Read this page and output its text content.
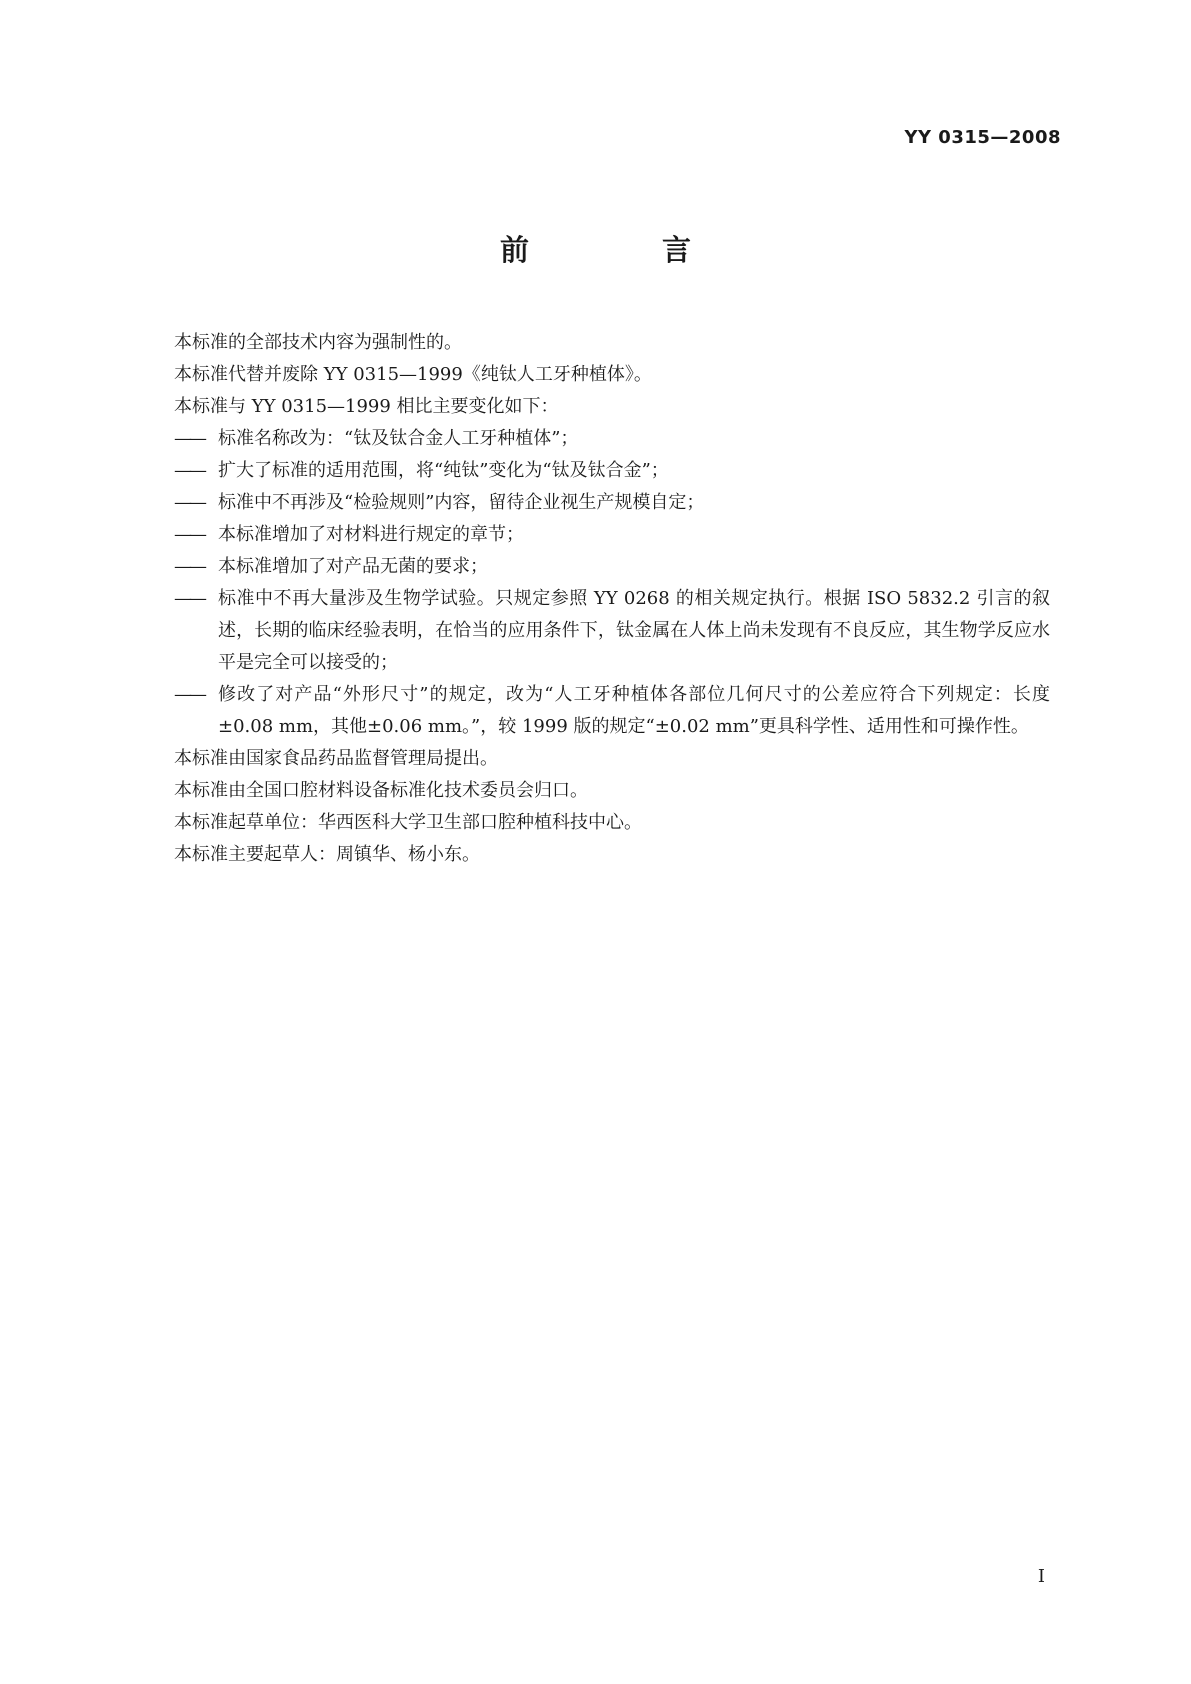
YY 0315—2008

前　言

本标准的全部技术内容为强制性的。

本标准代替并废除 YY 0315—1999《纯钛人工牙种植体》。

本标准与 YY 0315—1999 相比主要变化如下：

—— 标准名称改为：“钛及钛合金人工牙种植体”；

—— 扩大了标准的适用范围，将“纯钛”变化为“钛及钛合金”；

—— 标准中不再涉及“检验规则”内容，留待企业视生产规模自定；

—— 本标准增加了对材料进行规定的章节；

—— 本标准增加了对产品无菌的要求；

—— 标准中不再大量涉及生物学试验。只规定参照 YY 0268 的相关规定执行。根据 ISO 5832.2 引言的叙述，长期的临床经验表明，在恰当的应用条件下，钛金属在人体上尚未发现有不良反应，其生物学反应水平是完全可以接受的；

—— 修改了对产品“外形尺寸”的规定，改为“人工牙种植体各部位几何尺寸的公差应符合下列规定：长度±0.08 mm，其他±0.06 mm。”，较 1999 版的规定“±0.02 mm”更具科学性、适用性和可操作性。

本标准由国家食品药品监督管理局提出。

本标准由全国口腔材料设备标准化技术委员会归口。

本标准起草单位：华西医科大学卫生部口腔种植科技中心。

本标准主要起草人：周镇华、杨小东。

I
